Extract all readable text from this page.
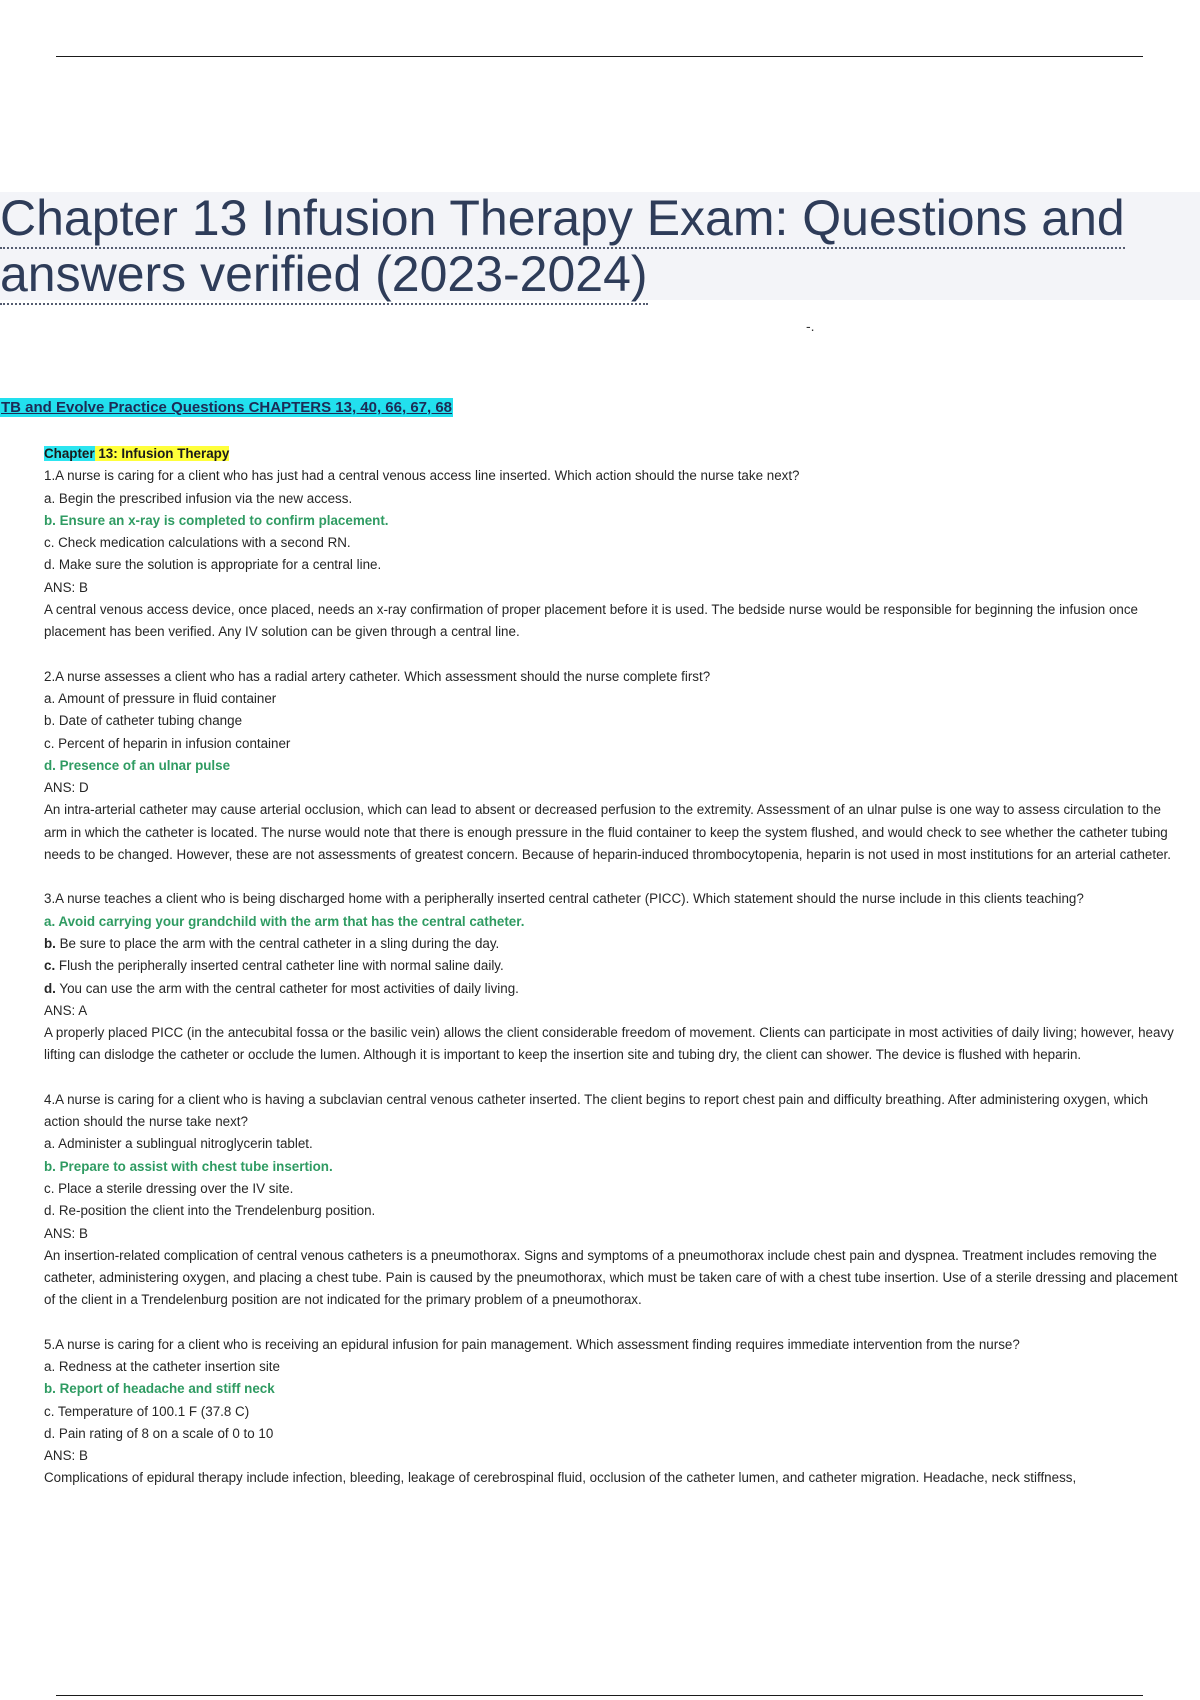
Chapter 13 Infusion Therapy Exam: Questions and
answers verified (2023-2024)
-.
TB and Evolve Practice Questions CHAPTERS 13, 40, 66, 67, 68

Chapter 13: Infusion Therapy

1.A nurse is caring for a client who has just had a central venous access line inserted. Which action should the nurse take next?

a. Begin the prescribed infusion via the new access.

b. Ensure an x-ray is completed to confirm placement.

c. Check medication calculations with a second RN.

d. Make sure the solution is appropriate for a central line.

ANS: B

A central venous access device, once placed, needs an x-ray confirmation of proper placement before it is used. The bedside nurse would be responsible for beginning the infusion once placement has been verified. Any IV solution can be given through a central line.

2.A nurse assesses a client who has a radial artery catheter. Which assessment should the nurse complete first?

a. Amount of pressure in fluid container

b. Date of catheter tubing change

c. Percent of heparin in infusion container

d. Presence of an ulnar pulse

ANS: D

An intra-arterial catheter may cause arterial occlusion, which can lead to absent or decreased perfusion to the extremity. Assessment of an ulnar pulse is one way to assess circulation to the arm in which the catheter is located. The nurse would note that there is enough pressure in the fluid container to keep the system flushed, and would check to see whether the catheter tubing needs to be changed. However, these are not assessments of greatest concern. Because of heparin-induced thrombocytopenia, heparin is not used in most institutions for an arterial catheter.

3.A nurse teaches a client who is being discharged home with a peripherally inserted central catheter (PICC). Which statement should the nurse include in this clients teaching?

a. Avoid carrying your grandchild with the arm that has the central catheter.

b. Be sure to place the arm with the central catheter in a sling during the day.

c. Flush the peripherally inserted central catheter line with normal saline daily.

d. You can use the arm with the central catheter for most activities of daily living.

ANS: A

A properly placed PICC (in the antecubital fossa or the basilic vein) allows the client considerable freedom of movement. Clients can participate in most activities of daily living; however, heavy lifting can dislodge the catheter or occlude the lumen. Although it is important to keep the insertion site and tubing dry, the client can shower. The device is flushed with heparin.

4.A nurse is caring for a client who is having a subclavian central venous catheter inserted. The client begins to report chest pain and difficulty breathing. After administering oxygen, which action should the nurse take next?

a. Administer a sublingual nitroglycerin tablet.

b. Prepare to assist with chest tube insertion.

c. Place a sterile dressing over the IV site.

d. Re-position the client into the Trendelenburg position.

ANS: B

An insertion-related complication of central venous catheters is a pneumothorax. Signs and symptoms of a pneumothorax include chest pain and dyspnea. Treatment includes removing the catheter, administering oxygen, and placing a chest tube. Pain is caused by the pneumothorax, which must be taken care of with a chest tube insertion. Use of a sterile dressing and placement of the client in a Trendelenburg position are not indicated for the primary problem of a pneumothorax.

5.A nurse is caring for a client who is receiving an epidural infusion for pain management. Which assessment finding requires immediate intervention from the nurse?

a. Redness at the catheter insertion site

b. Report of headache and stiff neck

c. Temperature of 100.1 F (37.8 C)

d. Pain rating of 8 on a scale of 0 to 10

ANS: B

Complications of epidural therapy include infection, bleeding, leakage of cerebrospinal fluid, occlusion of the catheter lumen, and catheter migration. Headache, neck stiffness,
